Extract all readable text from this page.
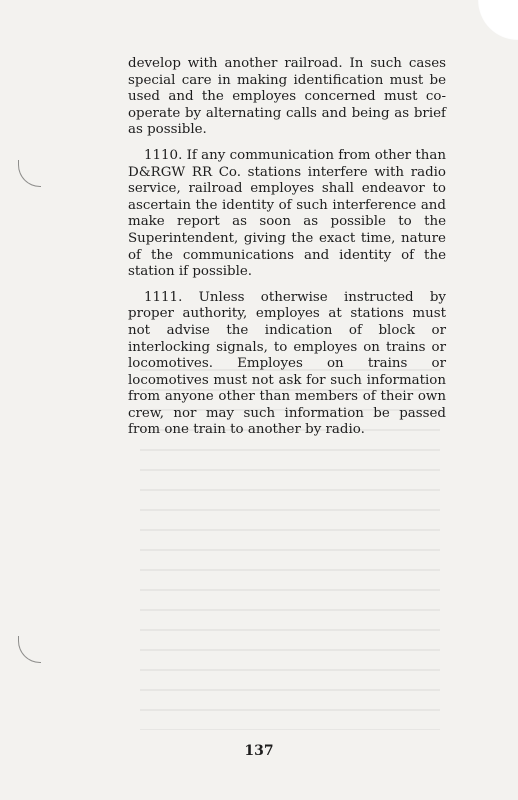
develop with another railroad. In such cases special care in making identification must be used and the employes concerned must co-operate by alternating calls and being as brief as possible.

1110. If any communication from other than D&RGW RR Co. stations interfere with radio service, railroad employes shall endeavor to ascertain the identity of such interference and make report as soon as possible to the Superintendent, giving the exact time, nature of the communications and identity of the station if possible.

1111. Unless otherwise instructed by proper authority, employes at stations must not advise the indication of block or interlocking signals, to employes on trains or locomotives. Employes on trains or locomotives must not ask for such information from anyone other than members of their own crew, nor may such information be passed from one train to another by radio.

137
